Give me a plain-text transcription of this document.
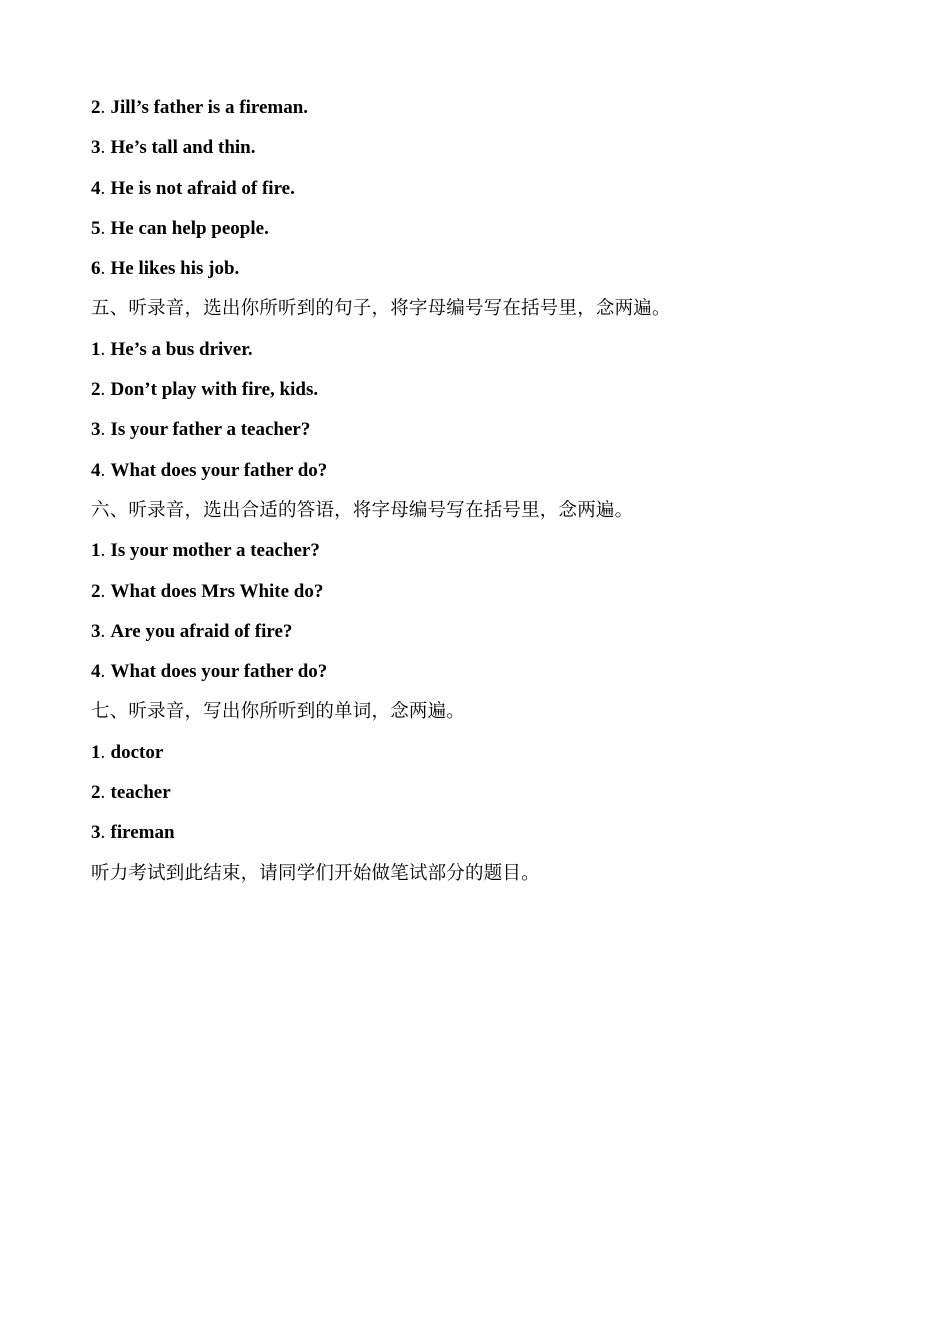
2. Jill’s father is a fireman.
3. He’s tall and thin.
4. He is not afraid of fire.
5. He can help people.
6. He likes his job.
五、听录音，选出你所听到的句子，将字母编号写在括号里，念两遍。
1. He’s a bus driver.
2. Don’t play with fire, kids.
3. Is your father a teacher?
4. What does your father do?
六、听录音，选出合适的答语，将字母编号写在括号里，念两遍。
1. Is your mother a teacher?
2. What does Mrs White do?
3. Are you afraid of fire?
4. What does your father do?
七、听录音，写出你所听到的单词，念两遍。
1. doctor
2. teacher
3. fireman
听力考试到此结束，请同学们开始做笔试部分的题目。
